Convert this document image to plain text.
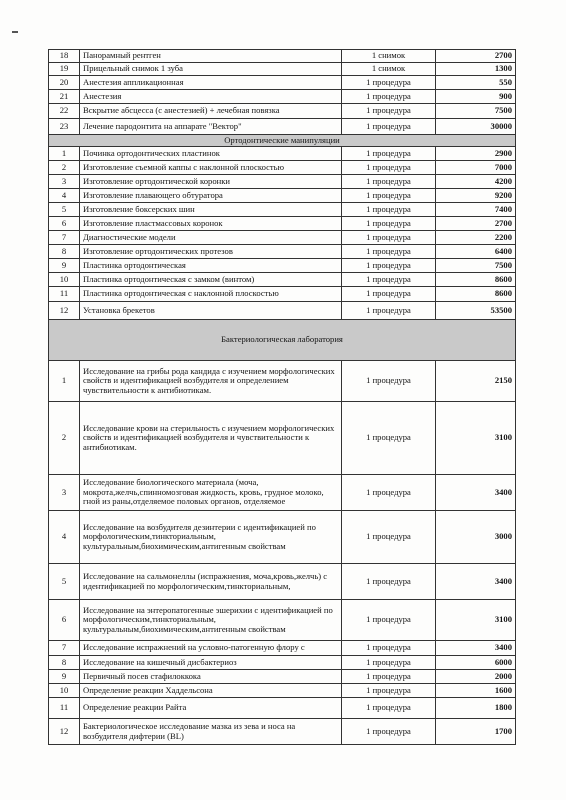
18	Панорамный рентген	1 снимок	2700
19	Прицельный снимок 1 зуба	1 снимок	1300
20	Анестезия аппликационная	1 процедура	550
21	Анестезия	1 процедура	900
22	Вскрытие абсцесса (с анестезией) + лечебная повязка	1 процедура	7500
23	Лечение пародонтита на аппарате "Вектор"	1 процедура	30000
Ортодонтические манипуляции			
1	Починка ортодонтических пластинок	1 процедура	2900
2	Изготовление съемной каппы с наклонной плоскостью	1 процедура	7000
3	Изготовление ортодонтической коронки	1 процедура	4200
4	Изготовление плавающего обтуратора	1 процедура	9200
5	Изготовление боксерских шин	1 процедура	7400
6	Изготовление пластмассовых коронок	1 процедура	2700
7	Диагностические модели	1 процедура	2200
8	Изготовление ортодонтических протезов	1 процедура	6400
9	Пластинка ортодонтическая	1 процедура	7500
10	Пластинка ортодонтическая с замком (винтом)	1 процедура	8600
11	Пластинка ортодонтическая с наклонной плоскостью	1 процедура	8600
12	Установка брекетов	1 процедура	53500
Бактериологическая лаборатория			
1	Исследование на грибы рода кандида с изучением морфологических свойств и идентификацией возбудителя и определением чувствительности к антибиотикам.	1 процедура	2150
2	Исследование крови на стерильность с изучением морфологических свойств и идентификацией возбудителя и чувствительности к антибиотикам.	1 процедура	3100
3	Исследование биологического материала (моча, мокрота,желчь,спинномозговая жидкость, кровь, грудное молоко, гной из раны,отделяемое половых органов, отделяемое	1 процедура	3400
4	Исследование на возбудителя дезинтерии с идентификацией по морфологическим,тинкториальным, культуральным,биохимическим,антигенным свойствам	1 процедура	3000
5	Исследование на сальмонеллы (испражнения, моча,кровь,желчь) с идентификацией по морфологическим,тинкториальным,	1 процедура	3400
6	Исследование на энтеропатогенные эшерихии с идентификацией по морфологическим,тинкториальным, культуральным,биохимическим,антигенным свойствам	1 процедура	3100
7	Исследование испражнений на условно-патогенную флору с	1 процедура	3400
8	Исследование на кишечный дисбактериоз	1 процедура	6000
9	Первичный посев стафилоккока	1 процедура	2000
10	Определение реакции Хаддельсона	1 процедура	1600
11	Определение реакции Райта	1 процедура	1800
12	Бактериологическое исследование мазка из зева и носа на возбудителя дифтерии (BL)	1 процедура	1700
